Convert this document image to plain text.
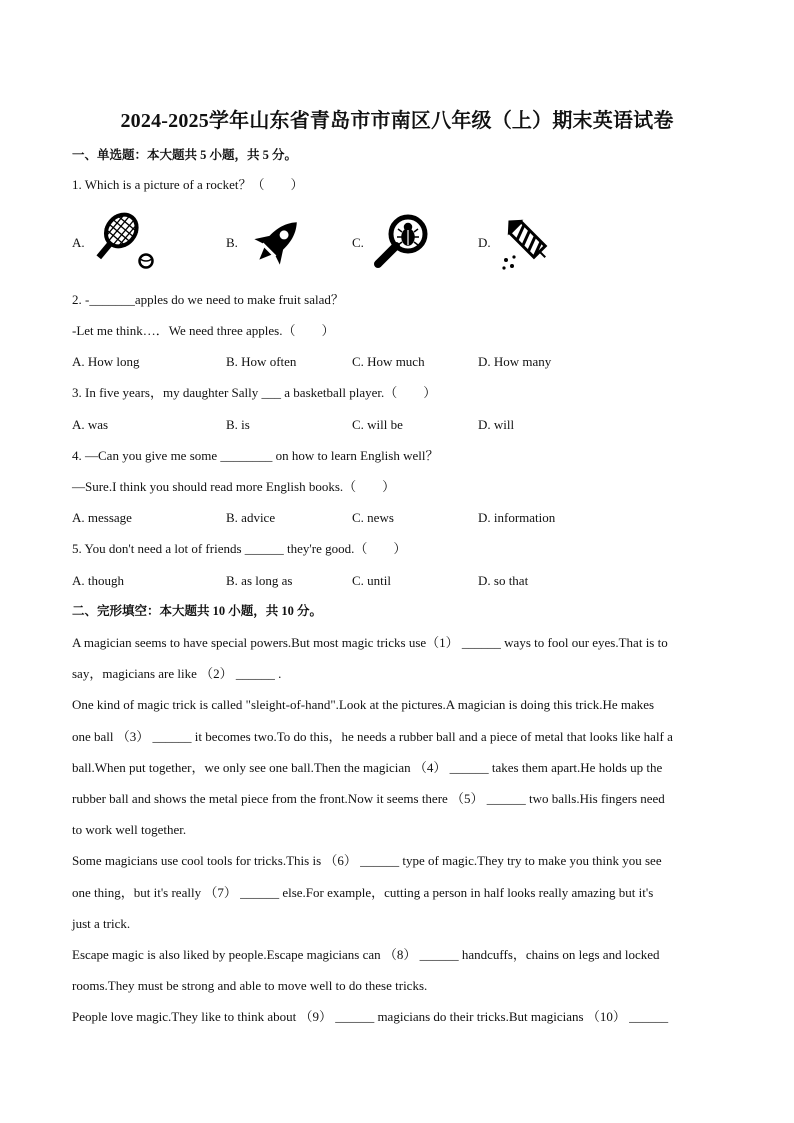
2024-2025学年山东省青岛市市南区八年级（上）期末英语试卷
一、单选题：本大题共 5 小题，共 5 分。
1. Which is a picture of a rocket？（　　）
A.	B.	C.	D.
2. -_______apples do we need to make fruit salad？
-Let me think…．We need three apples.（　　）
A. How long	B. How often	C. How much	D. How many
3. In five years，my daughter Sally ___ a basketball player.（　　）
A. was	B. is	C. will be	D. will
4. —Can you give me some ________ on how to learn English well？
—Sure.I think you should read more English books.（　　）
A. message	B. advice	C. news	D. information
5. You don't need a lot of friends ______ they're good.（　　）
A. though	B. as long as	C. until	D. so that
二、完形填空：本大题共 10 小题，共 10 分。
A magician seems to have special powers.But most magic tricks use（1） ______ ways to fool our eyes.That is to
say，magicians are like （2） ______ .
One kind of magic trick is called "sleight-of-hand".Look at the pictures.A magician is doing this trick.He makes
one ball （3） ______ it becomes two.To do this，he needs a rubber ball and a piece of metal that looks like half a
ball.When put together，we only see one ball.Then the magician （4） ______ takes them apart.He holds up the
rubber ball and shows the metal piece from the front.Now it seems there （5） ______ two balls.His fingers need
to work well together.
Some magicians use cool tools for tricks.This is （6） ______ type of magic.They try to make you think you see
one thing，but it's really （7） ______ else.For example，cutting a person in half looks really amazing but it's
just a trick.
Escape magic is also liked by people.Escape magicians can （8） ______ handcuffs，chains on legs and locked
rooms.They must be strong and able to move well to do these tricks.
People love magic.They like to think about （9） ______ magicians do their tricks.But magicians （10） ______
